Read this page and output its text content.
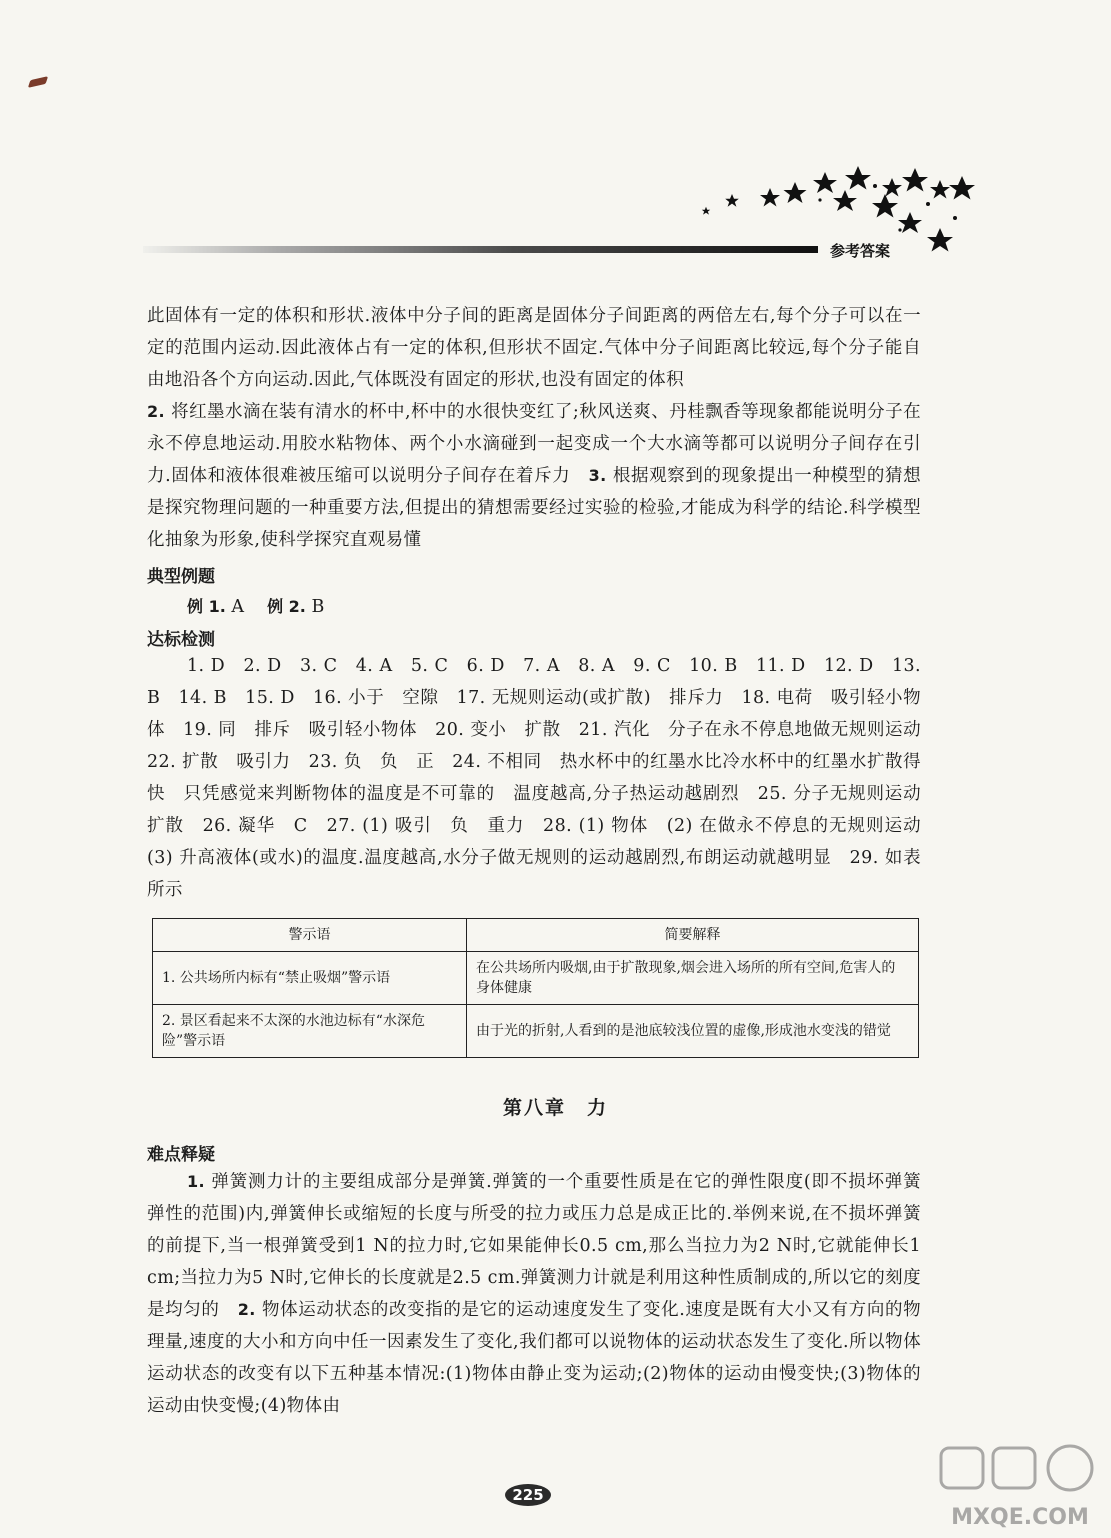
参考答案

此固体有一定的体积和形状.液体中分子间的距离是固体分子间距离的两倍左右,每个分子可以在一定的范围内运动.因此液体占有一定的体积,但形状不固定.气体中分子间距离比较远,每个分子能自由地沿各个方向运动.因此,气体既没有固定的形状,也没有固定的体积
2. 将红墨水滴在装有清水的杯中,杯中的水很快变红了;秋风送爽、丹桂飘香等现象都能说明分子在永不停息地运动.用胶水粘物体、两个小水滴碰到一起变成一个大水滴等都可以说明分子间存在引力.固体和液体很难被压缩可以说明分子间存在着斥力　 3. 根据观察到的现象提出一种模型的猜想是探究物理问题的一种重要方法,但提出的猜想需要经过实验的检验,才能成为科学的结论.科学模型化抽象为形象,使科学探究直观易懂

典型例题

例 1. A　 例 2. B

达标检测

1. D　2. D　3. C　4. A　5. C　6. D　7. A　8. A　9. C　10. B　11. D　12. D　13. B　14. B　15. D　16. 小于　空隙　17. 无规则运动(或扩散)　排斥力　18. 电荷　吸引轻小物体　19. 同　排斥　吸引轻小物体　20. 变小　扩散　21. 汽化　分子在永不停息地做无规则运动　22. 扩散　吸引力　23. 负　负　正　24. 不相同　热水杯中的红墨水比冷水杯中的红墨水扩散得快　只凭感觉来判断物体的温度是不可靠的　温度越高,分子热运动越剧烈　25. 分子无规则运动　扩散　26. 凝华　C　27. (1) 吸引　负　重力　28. (1) 物体　(2) 在做永不停息的无规则运动　(3) 升高液体(或水)的温度.温度越高,水分子做无规则的运动越剧烈,布朗运动就越明显　29. 如表所示

警示语	简要解释
1. 公共场所内标有“禁止吸烟”警示语	在公共场所内吸烟,由于扩散现象,烟会进入场所的所有空间,危害人的身体健康
2. 景区看起来不太深的水池边标有“水深危险”警示语	由于光的折射,人看到的是池底较浅位置的虚像,形成池水变浅的错觉
第八章　力

难点释疑

1. 弹簧测力计的主要组成部分是弹簧.弹簧的一个重要性质是在它的弹性限度(即不损坏弹簧弹性的范围)内,弹簧伸长或缩短的长度与所受的拉力或压力总是成正比的.举例来说,在不损坏弹簧的前提下,当一根弹簧受到1 N的拉力时,它如果能伸长0.5 cm,那么当拉力为2 N时,它就能伸长1 cm;当拉力为5 N时,它伸长的长度就是2.5 cm.弹簧测力计就是利用这种性质制成的,所以它的刻度是均匀的　 2. 物体运动状态的改变指的是它的运动速度发生了变化.速度是既有大小又有方向的物理量,速度的大小和方向中任一因素发生了变化,我们都可以说物体的运动状态发生了变化.所以物体运动状态的改变有以下五种基本情况:(1)物体由静止变为运动;(2)物体的运动由慢变快;(3)物体的运动由快变慢;(4)物体由

225
MXQE.COM
